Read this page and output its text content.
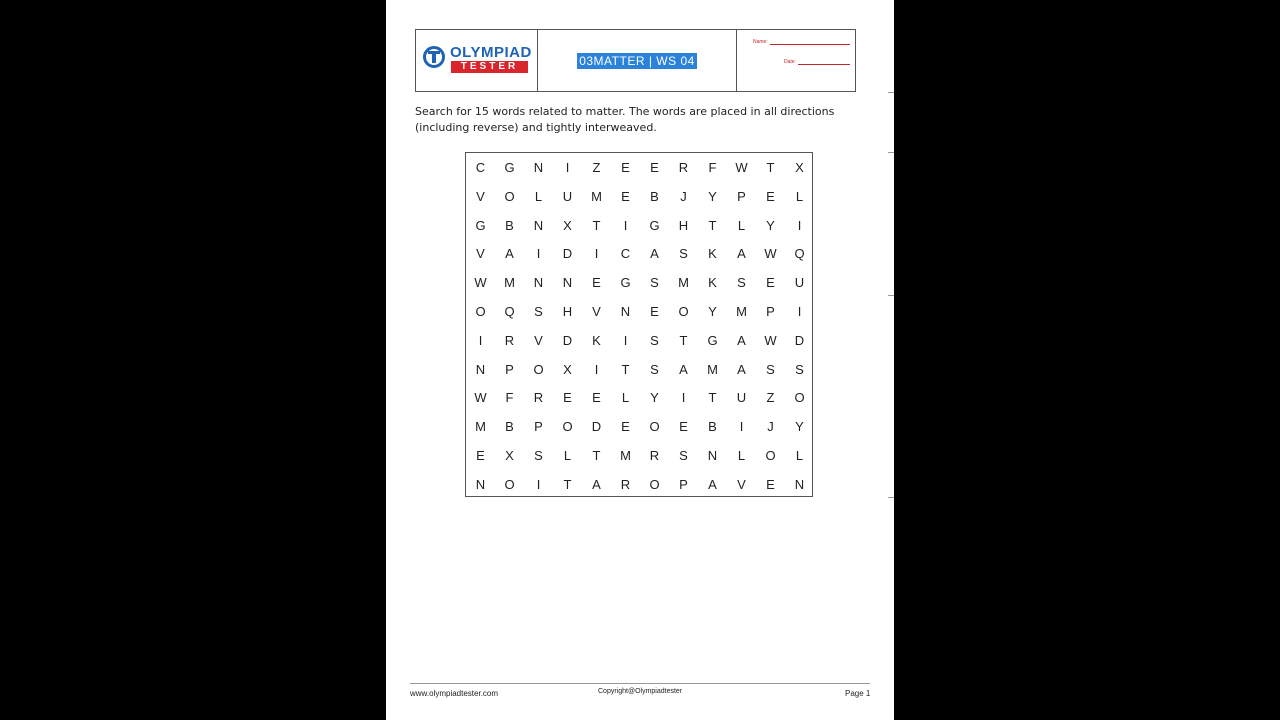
OLYMPIAD
TESTER	03MATTER | WS 04
Name:
Date:
Search for 15 words related to matter. The words are placed in all directions (including reverse) and tightly interweaved.
C	G	N	I	Z	E	E	R	F	W	T	X
V	O	L	U	M	E	B	J	Y	P	E	L
G	B	N	X	T	I	G	H	T	L	Y	I
V	A	I	D	I	C	A	S	K	A	W	Q
W	M	N	N	E	G	S	M	K	S	E	U
O	Q	S	H	V	N	E	O	Y	M	P	I
I	R	V	D	K	I	S	T	G	A	W	D
N	P	O	X	I	T	S	A	M	A	S	S
W	F	R	E	E	L	Y	I	T	U	Z	O
M	B	P	O	D	E	O	E	B	I	J	Y
E	X	S	L	T	M	R	S	N	L	O	L
N	O	I	T	A	R	O	P	A	V	E	N
www.olympiadtester.com	Copyright@Olympiadtester	Page 1
